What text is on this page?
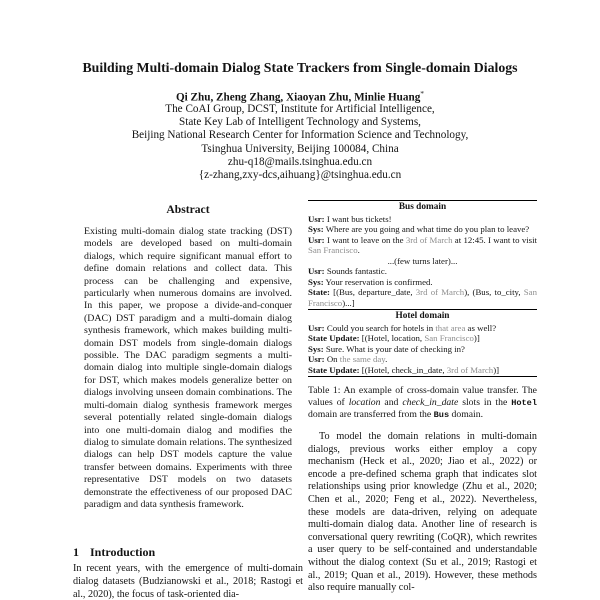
Building Multi-domain Dialog State Trackers from Single-domain Dialogs
Qi Zhu, Zheng Zhang, Xiaoyan Zhu, Minlie Huang*
The CoAI Group, DCST, Institute for Artificial Intelligence,
State Key Lab of Intelligent Technology and Systems,
Beijing National Research Center for Information Science and Technology,
Tsinghua University, Beijing 100084, China
zhu-q18@mails.tsinghua.edu.cn
{z-zhang,zxy-dcs,aihuang}@tsinghua.edu.cn
Abstract
Existing multi-domain dialog state tracking (DST) models are developed based on multi-domain dialogs, which require significant manual effort to define domain relations and collect data. This process can be challenging and expensive, particularly when numerous domains are involved. In this paper, we propose a divide-and-conquer (DAC) DST paradigm and a multi-domain dialog synthesis framework, which makes building multi-domain DST models from single-domain dialogs possible. The DAC paradigm segments a multi-domain dialog into multiple single-domain dialogs for DST, which makes models generalize better on dialogs involving unseen domain combinations. The multi-domain dialog synthesis framework merges several potentially related single-domain dialogs into one multi-domain dialog and modifies the dialog to simulate domain relations. The synthesized dialogs can help DST models capture the value transfer between domains. Experiments with three representative DST models on two datasets demonstrate the effectiveness of our proposed DAC paradigm and data synthesis framework.
1 Introduction
In recent years, with the emergence of multi-domain dialog datasets (Budzianowski et al., 2018; Rastogi et al., 2020), the focus of task-oriented dia-
Bus domain
Usr: I want bus tickets!
Sys: Where are you going and what time do you plan to leave?
Usr: I want to leave on the 3rd of March at 12:45. I want to visit San Francisco.
...(few turns later)...
Usr: Sounds fantastic.
Sys: Your reservation is confirmed.
State: [(Bus, departure_date, 3rd of March), (Bus, to_city, San Francisco)...]
Hotel domain
Usr: Could you search for hotels in that area as well?
State Update: [(Hotel, location, San Francisco)]
Sys: Sure. What is your date of checking in?
Usr: On the same day.
State Update: [(Hotel, check_in_date, 3rd of March)]
Table 1: An example of cross-domain value transfer. The values of location and check_in_date slots in the Hotel domain are transferred from the Bus domain.

To model the domain relations in multi-domain dialogs, previous works either employ a copy mechanism (Heck et al., 2020; Jiao et al., 2022) or encode a pre-defined schema graph that indicates slot relationships using prior knowledge (Zhu et al., 2020; Chen et al., 2020; Feng et al., 2022). Nevertheless, these models are data-driven, relying on adequate multi-domain dialog data. Another line of research is conversational query rewriting (CoQR), which rewrites a user query to be self-contained and understandable without the dialog context (Su et al., 2019; Rastogi et al., 2019; Quan et al., 2019). However, these methods also require manually col-
